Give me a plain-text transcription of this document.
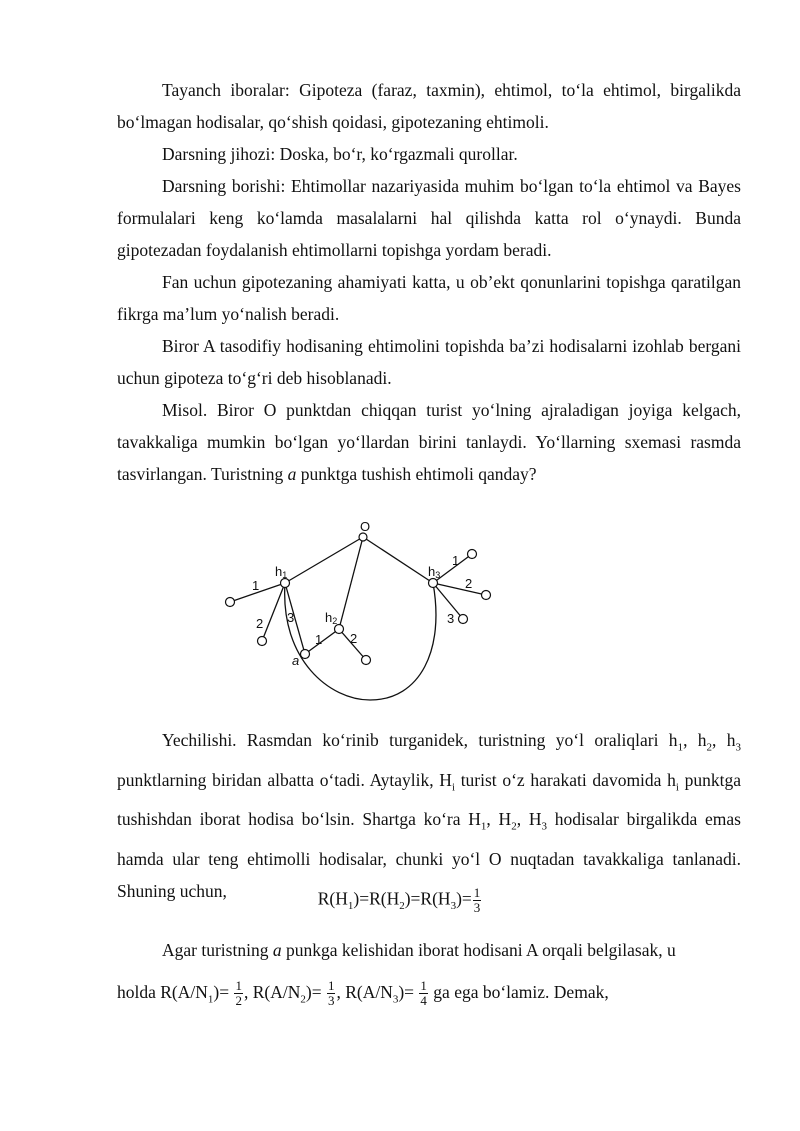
Tayanch iboralar: Gipoteza (faraz, taxmin), ehtimol, to‘la ehtimol, birgalikda bo‘lmagan hodisalar, qo‘shish qoidasi, gipotezaning ehtimoli.

Darsning jihozi: Doska, bo‘r, ko‘rgazmali qurollar.

Darsning borishi: Ehtimollar nazariyasida muhim bo‘lgan to‘la ehtimol va Bayes formulalari keng ko‘lamda masalalarni hal qilishda katta rol o‘ynaydi. Bunda gipotezadan foydalanish ehtimollarni topishga yordam beradi.

Fan uchun gipotezaning ahamiyati katta, u ob’ekt qonunlarini topishga qaratilgan fikrga ma’lum yo‘nalish beradi.

Biror A tasodifiy hodisaning ehtimolini topishda ba’zi hodisalarni izohlab bergani uchun gipoteza to‘g‘ri deb hisoblanadi.

Misol. Biror O punktdan chiqqan turist yo‘lning ajraladigan joyiga kelgach, tavakkaliga mumkin bo‘lgan yo‘llardan birini tanlaydi. Yo‘llarning sxemasi rasmda tasvirlangan. Turistning a punktga tushish ehtimoli qanday?

O
h1
h2
h3
a
1
2 3
1 2
1
2
3

Yechilishi. Rasmdan ko‘rinib turganidek, turistning yo‘l oraliqlari $h_1$, $h_2$, $h_3$ punktlarning biridan albatta o‘tadi. Aytaylik, $H_i$ turist o‘z harakati davomida $h_i$ punktga tushishdan iborat hodisa bo‘lsin. Shartga ko‘ra $H_1$, $H_2$, $H_3$ hodisalar birgalikda emas hamda ular teng ehtimolli hodisalar, chunki yo‘l O nuqtadan tavakkaliga tanlanadi. Shuning uchun,	$R(H_1)=R(H_2)=R(H_3)= \frac{1}{3}$

Agar turistning a punkga kelishidan iborat hodisani A orqali belgilasak, u

holda $R(A/N_1)= \frac{1}{2}$ , $R(A/N_2)= \frac{1}{3}$ , $R(A/N_3)= \frac{1}{4}$ ga ega bo‘lamiz. Demak,
